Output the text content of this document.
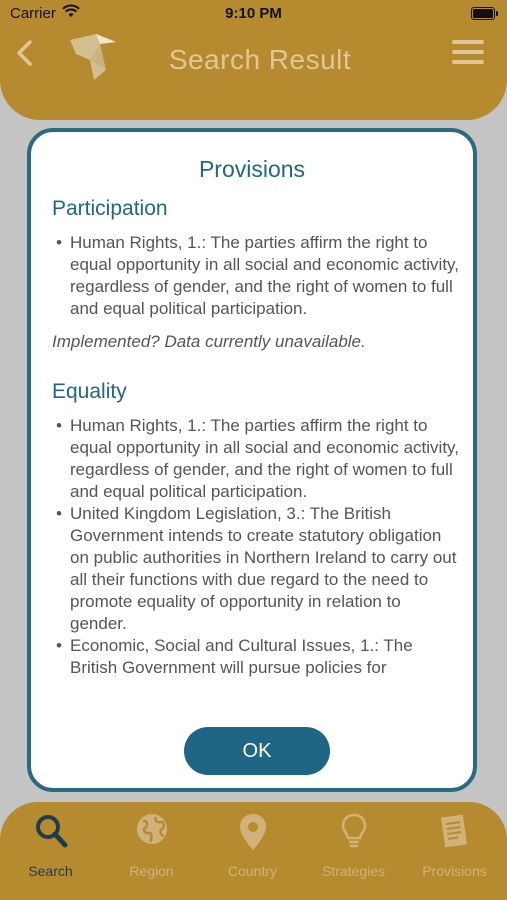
Carrier	9:10 PM
Search Result
Provisions
Participation
• Human Rights, 1.: The parties affirm the right to equal opportunity in all social and economic activity, regardless of gender, and the right of women to full and equal political participation.
Implemented? Data currently unavailable.
Equality
• Human Rights, 1.: The parties affirm the right to equal opportunity in all social and economic activity, regardless of gender, and the right of women to full and equal political participation.
• United Kingdom Legislation, 3.: The British Government intends to create statutory obligation on public authorities in Northern Ireland to carry out all their functions with due regard to the need to promote equality of opportunity in relation to gender.
• Economic, Social and Cultural Issues, 1.: The British Government will pursue policies for
OK
Search	Region	Country	Strategies	Provisions
